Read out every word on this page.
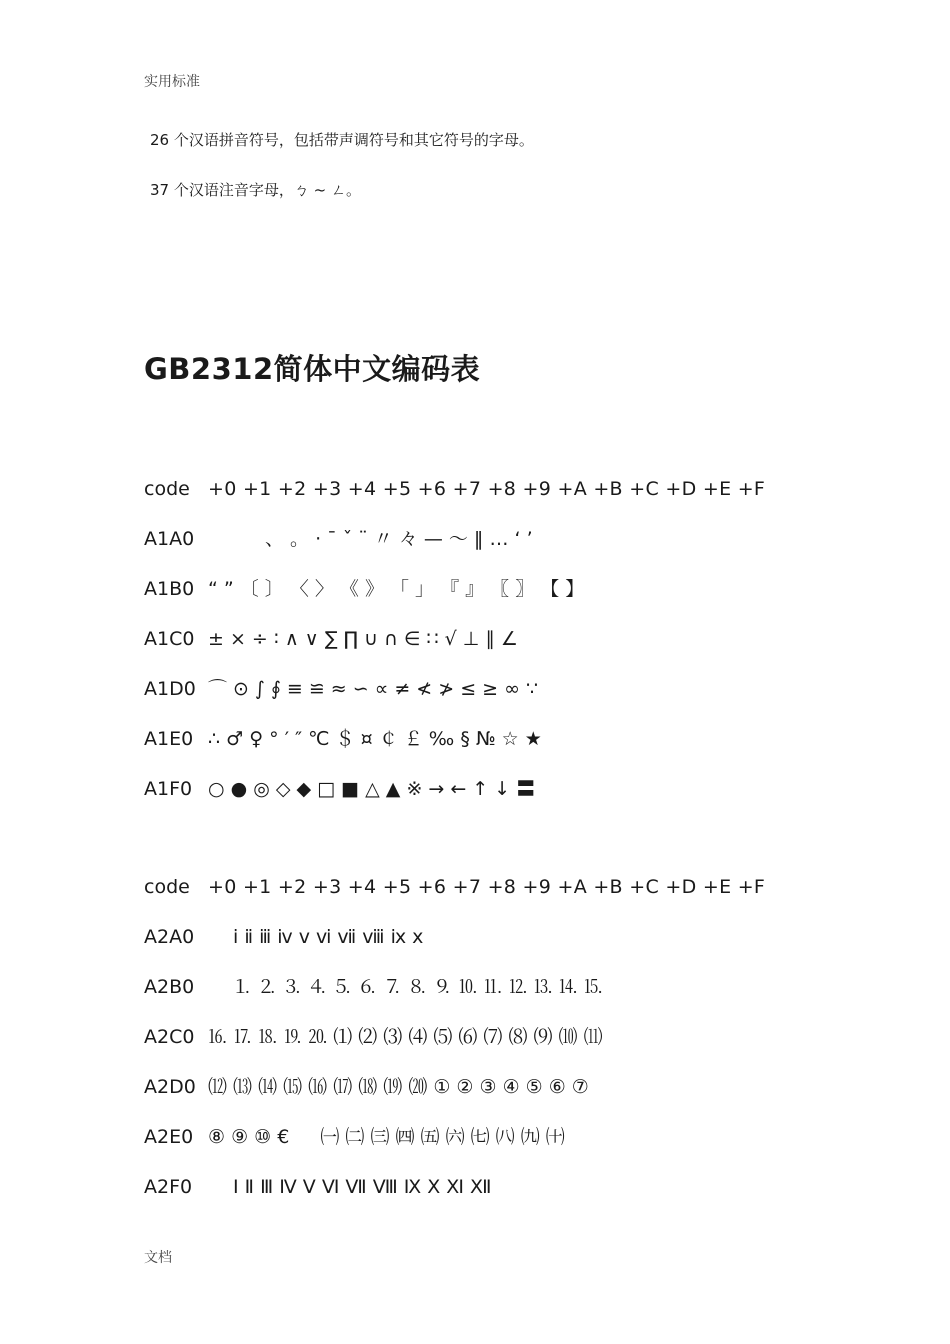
实用标准
26 个汉语拼音符号，包括带声调符号和其它符号的字母。
37 个汉语注音字母，ㄅ ~ ㄥ。
GB2312简体中文编码表
code +0 +1 +2 +3 +4 +5 +6 +7 +8 +9 +A +B +C +D +E +F
A1A0 　　　、 。 · ˉ ˇ ¨ 〃 々 — ～ ‖ … ‘ ’
A1B0 “ ” 〔 〕 〈 〉 《 》 「 」 『 』 〖 〗 【 】
A1C0 ± × ÷ ∶ ∧ ∨ ∑ ∏ ∪ ∩ ∈ ∷ √ ⊥ ∥ ∠
A1D0 ⌒ ⊙ ∫ ∮ ≡ ≌ ≈ ∽ ∝ ≠ ≮ ≯ ≤ ≥ ∞ ∵
A1E0 ∴ ♂ ♀ ° ′ ″ ℃ ＄ ¤ ￠ ￡ ‰ § № ☆ ★
A1F0 ○ ● ◎ ◇ ◆ □ ■ △ ▲ ※ → ← ↑ ↓ 〓
code +0 +1 +2 +3 +4 +5 +6 +7 +8 +9 +A +B +C +D +E +F
A2A0 　 ⅰ ⅱ ⅲ ⅳ ⅴ ⅵ ⅶ ⅷ ⅸ ⅹ
A2B0 　 ⒈ ⒉ ⒊ ⒋ ⒌ ⒍ ⒎ ⒏ ⒐ ⒑ ⒒ ⒓ ⒔ ⒕ ⒖
A2C0 ⒗ ⒘ ⒙ ⒚ ⒛ ⑴ ⑵ ⑶ ⑷ ⑸ ⑹ ⑺ ⑻ ⑼ ⑽ ⑾
A2D0 ⑿ ⒀ ⒁ ⒂ ⒃ ⒄ ⒅ ⒆ ⒇ ① ② ③ ④ ⑤ ⑥ ⑦
A2E0 ⑧ ⑨ ⑩ € 　 ㈠ ㈡ ㈢ ㈣ ㈤ ㈥ ㈦ ㈧ ㈨ ㈩
A2F0 　 Ⅰ Ⅱ Ⅲ Ⅳ Ⅴ Ⅵ Ⅶ Ⅷ Ⅸ Ⅹ Ⅺ Ⅻ
文档
